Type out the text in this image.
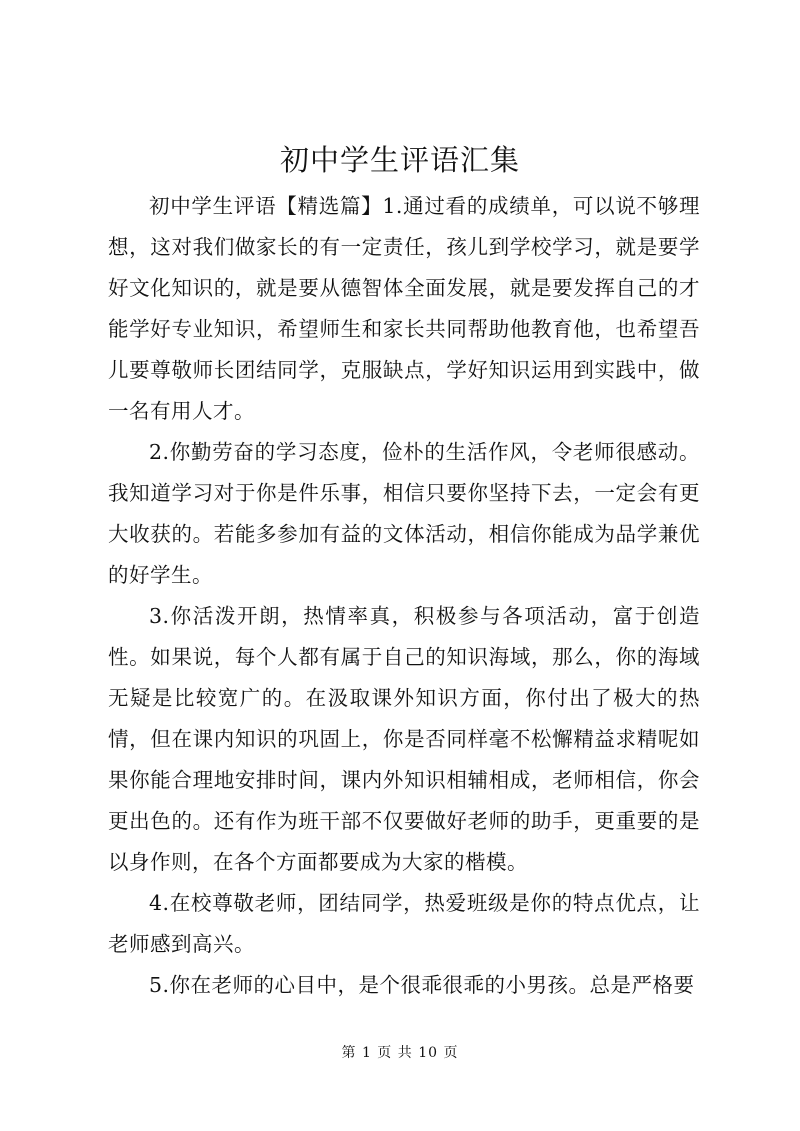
初中学生评语汇集

初中学生评语【精选篇】1.通过看的成绩单，可以说不够理想，这对我们做家长的有一定责任，孩儿到学校学习，就是要学好文化知识的，就是要从德智体全面发展，就是要发挥自己的才能学好专业知识，希望师生和家长共同帮助他教育他，也希望吾儿要尊敬师长团结同学，克服缺点，学好知识运用到实践中，做一名有用人才。

2.你勤劳奋的学习态度，俭朴的生活作风，令老师很感动。我知道学习对于你是件乐事，相信只要你坚持下去，一定会有更大收获的。若能多参加有益的文体活动，相信你能成为品学兼优的好学生。

3.你活泼开朗，热情率真，积极参与各项活动，富于创造性。如果说，每个人都有属于自己的知识海域，那么，你的海域无疑是比较宽广的。在汲取课外知识方面，你付出了极大的热情，但在课内知识的巩固上，你是否同样毫不松懈精益求精呢如果你能合理地安排时间，课内外知识相辅相成，老师相信，你会更出色的。还有作为班干部不仅要做好老师的助手，更重要的是以身作则，在各个方面都要成为大家的楷模。

4.在校尊敬老师，团结同学，热爱班级是你的特点优点，让老师感到高兴。

5.你在老师的心目中，是个很乖很乖的小男孩。总是严格要

第 1 页 共 10 页
